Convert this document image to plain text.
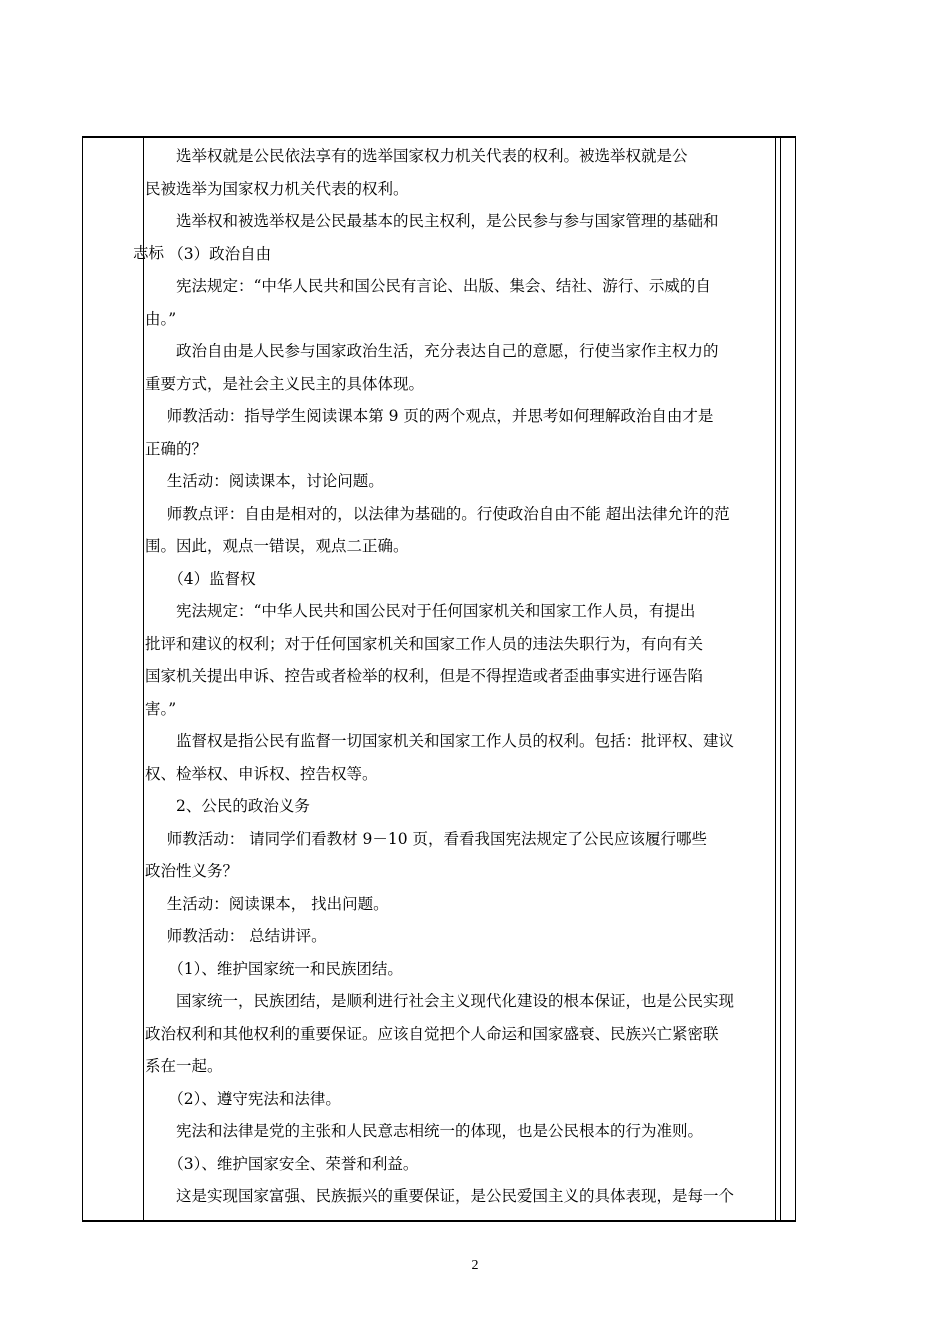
选举权就是公民依法享有的选举国家权力机关代表的权利。被选举权就是公

民被选举为国家权力机关代表的权利。

选举权和被选举权是公民最基本的民主权利，是公民参与参与国家管理的基础和

（3）政治自由

宪法规定：“中华人民共和国公民有言论、出版、集会、结社、游行、示威的自

由。”

政治自由是人民参与国家政治生活，充分表达自己的意愿，行使当家作主权力的

重要方式，是社会主义民主的具体体现。

师教活动：指导学生阅读课本第 9 页的两个观点，并思考如何理解政治自由才是

正确的？

生活动：阅读课本，讨论问题。

师教点评：自由是相对的，以法律为基础的。行使政治自由不能 超出法律允许的范

围。因此，观点一错误，观点二正确。

（4）监督权

宪法规定：“中华人民共和国公民对于任何国家机关和国家工作人员，有提出

批评和建议的权利；对于任何国家机关和国家工作人员的违法失职行为，有向有关

国家机关提出申诉、控告或者检举的权利，但是不得捏造或者歪曲事实进行诬告陷

害。”

监督权是指公民有监督一切国家机关和国家工作人员的权利。包括：批评权、建议

权、检举权、申诉权、控告权等。

2、公民的政治义务

师教活动： 请同学们看教材 9－10 页，看看我国宪法规定了公民应该履行哪些

政治性义务？

生活动：阅读课本， 找出问题。

师教活动： 总结讲评。

（1）、维护国家统一和民族团结。

国家统一，民族团结，是顺利进行社会主义现代化建设的根本保证，也是公民实现

政治权利和其他权利的重要保证。应该自觉把个人命运和国家盛衰、民族兴亡紧密联

系在一起。

（2）、遵守宪法和法律。

宪法和法律是党的主张和人民意志相统一的体现，也是公民根本的行为准则。

（3）、维护国家安全、荣誉和利益。

这是实现国家富强、民族振兴的重要保证，是公民爱国主义的具体表现，是每一个

志标
2
